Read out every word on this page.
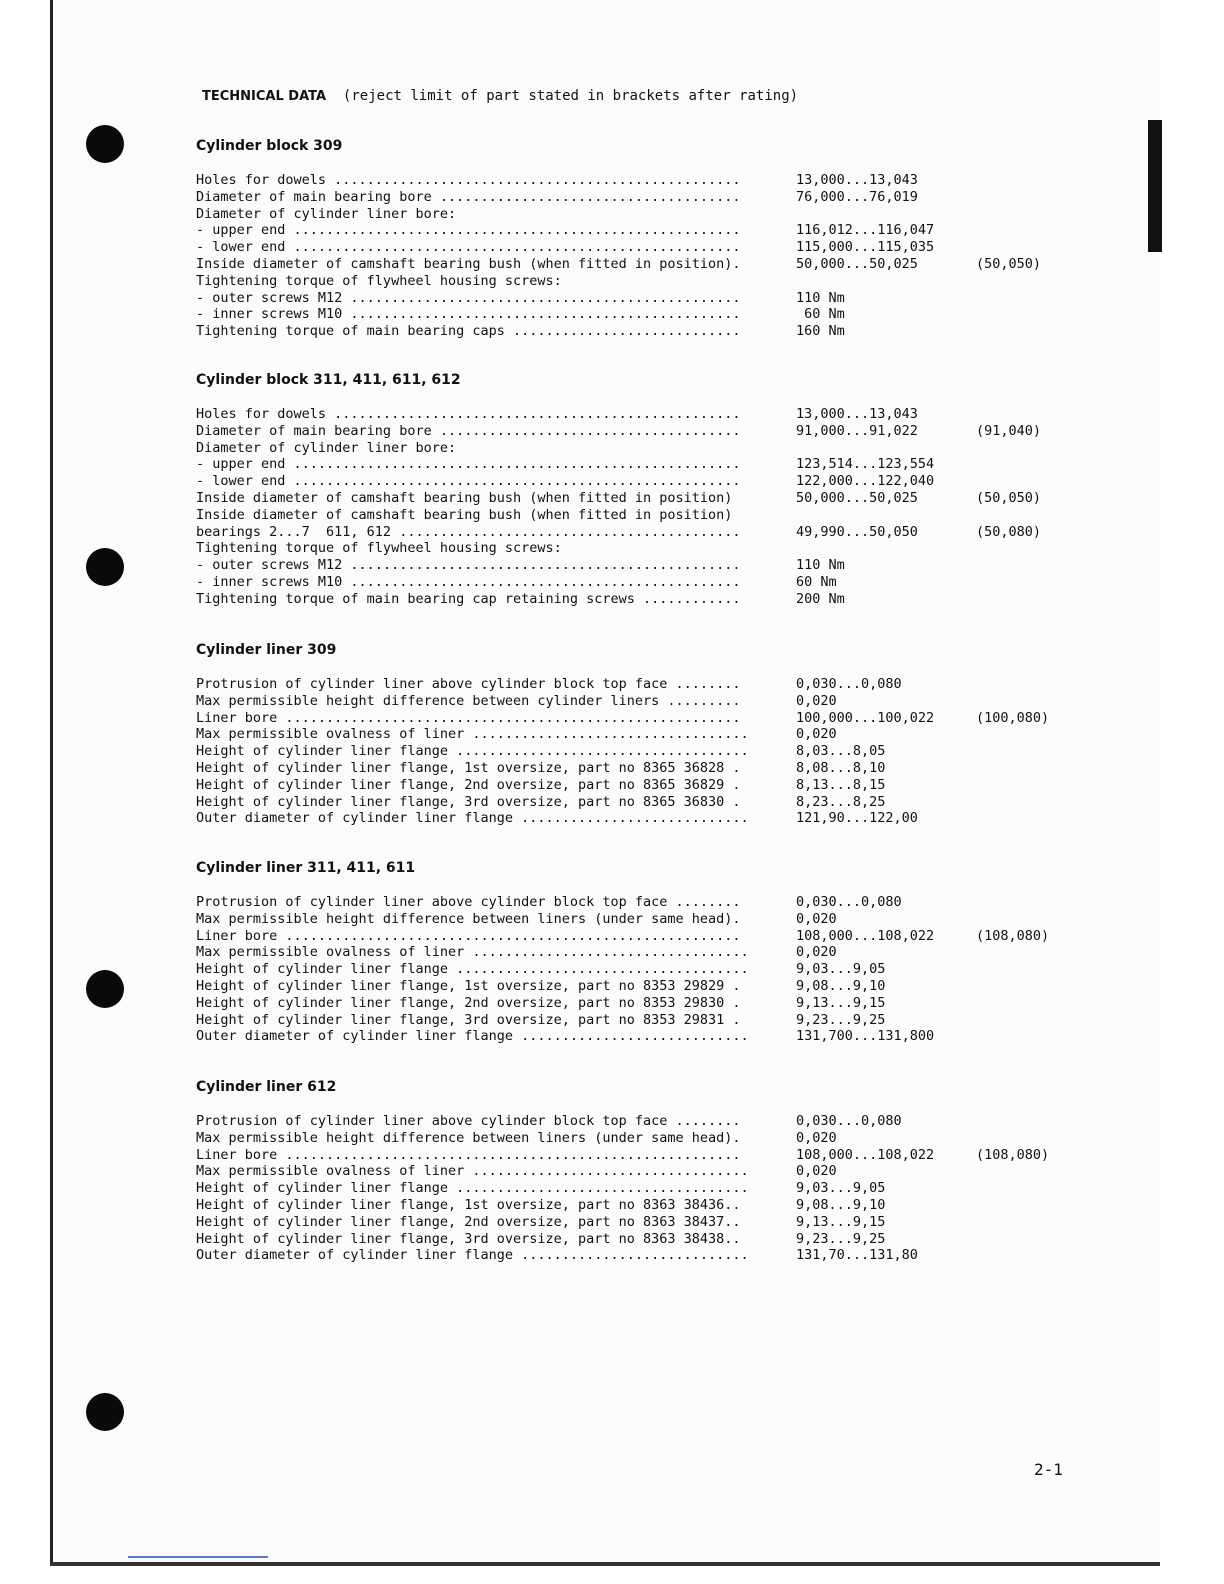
TECHNICAL DATA (reject limit of part stated in brackets after rating)
Cylinder block 309
Holes for dowels ..................................................	13,000...13,043
Diameter of main bearing bore .....................................	76,000...76,019
Diameter of cylinder liner bore:
- upper end .......................................................	116,012...116,047
- lower end .......................................................	115,000...115,035
Inside diameter of camshaft bearing bush (when fitted in position).	50,000...50,025	(50,050)
Tightening torque of flywheel housing screws:
- outer screws M12 ................................................	110 Nm
- inner screws M10 ................................................	60 Nm
Tightening torque of main bearing caps ............................	160 Nm
Cylinder block 311, 411, 611, 612
Holes for dowels ..................................................	13,000...13,043
Diameter of main bearing bore .....................................	91,000...91,022	(91,040)
Diameter of cylinder liner bore:
- upper end .......................................................	123,514...123,554
- lower end .......................................................	122,000...122,040
Inside diameter of camshaft bearing bush (when fitted in position)	50,000...50,025	(50,050)
Inside diameter of camshaft bearing bush (when fitted in position)
bearings 2...7  611, 612 ..........................................	49,990...50,050	(50,080)
Tightening torque of flywheel housing screws:
- outer screws M12 ................................................	110 Nm
- inner screws M10 ................................................	60 Nm
Tightening torque of main bearing cap retaining screws ............	200 Nm
Cylinder liner 309
Protrusion of cylinder liner above cylinder block top face ........	0,030...0,080
Max permissible height difference between cylinder liners .........	0,020
Liner bore ........................................................	100,000...100,022	(100,080)
Max permissible ovalness of liner ..................................	0,020
Height of cylinder liner flange ....................................	8,03...8,05
Height of cylinder liner flange, 1st oversize, part no 8365 36828 .	8,08...8,10
Height of cylinder liner flange, 2nd oversize, part no 8365 36829 .	8,13...8,15
Height of cylinder liner flange, 3rd oversize, part no 8365 36830 .	8,23...8,25
Outer diameter of cylinder liner flange ............................	121,90...122,00
Cylinder liner 311, 411, 611
Protrusion of cylinder liner above cylinder block top face ........	0,030...0,080
Max permissible height difference between liners (under same head).	0,020
Liner bore ........................................................	108,000...108,022	(108,080)
Max permissible ovalness of liner ..................................	0,020
Height of cylinder liner flange ....................................	9,03...9,05
Height of cylinder liner flange, 1st oversize, part no 8353 29829 .	9,08...9,10
Height of cylinder liner flange, 2nd oversize, part no 8353 29830 .	9,13...9,15
Height of cylinder liner flange, 3rd oversize, part no 8353 29831 .	9,23...9,25
Outer diameter of cylinder liner flange ............................	131,700...131,800
Cylinder liner 612
Protrusion of cylinder liner above cylinder block top face ........	0,030...0,080
Max permissible height difference between liners (under same head).	0,020
Liner bore ........................................................	108,000...108,022	(108,080)
Max permissible ovalness of liner ..................................	0,020
Height of cylinder liner flange ....................................	9,03...9,05
Height of cylinder liner flange, 1st oversize, part no 8363 38436..	9,08...9,10
Height of cylinder liner flange, 2nd oversize, part no 8363 38437..	9,13...9,15
Height of cylinder liner flange, 3rd oversize, part no 8363 38438..	9,23...9,25
Outer diameter of cylinder liner flange ............................	131,70...131,80
2-1
